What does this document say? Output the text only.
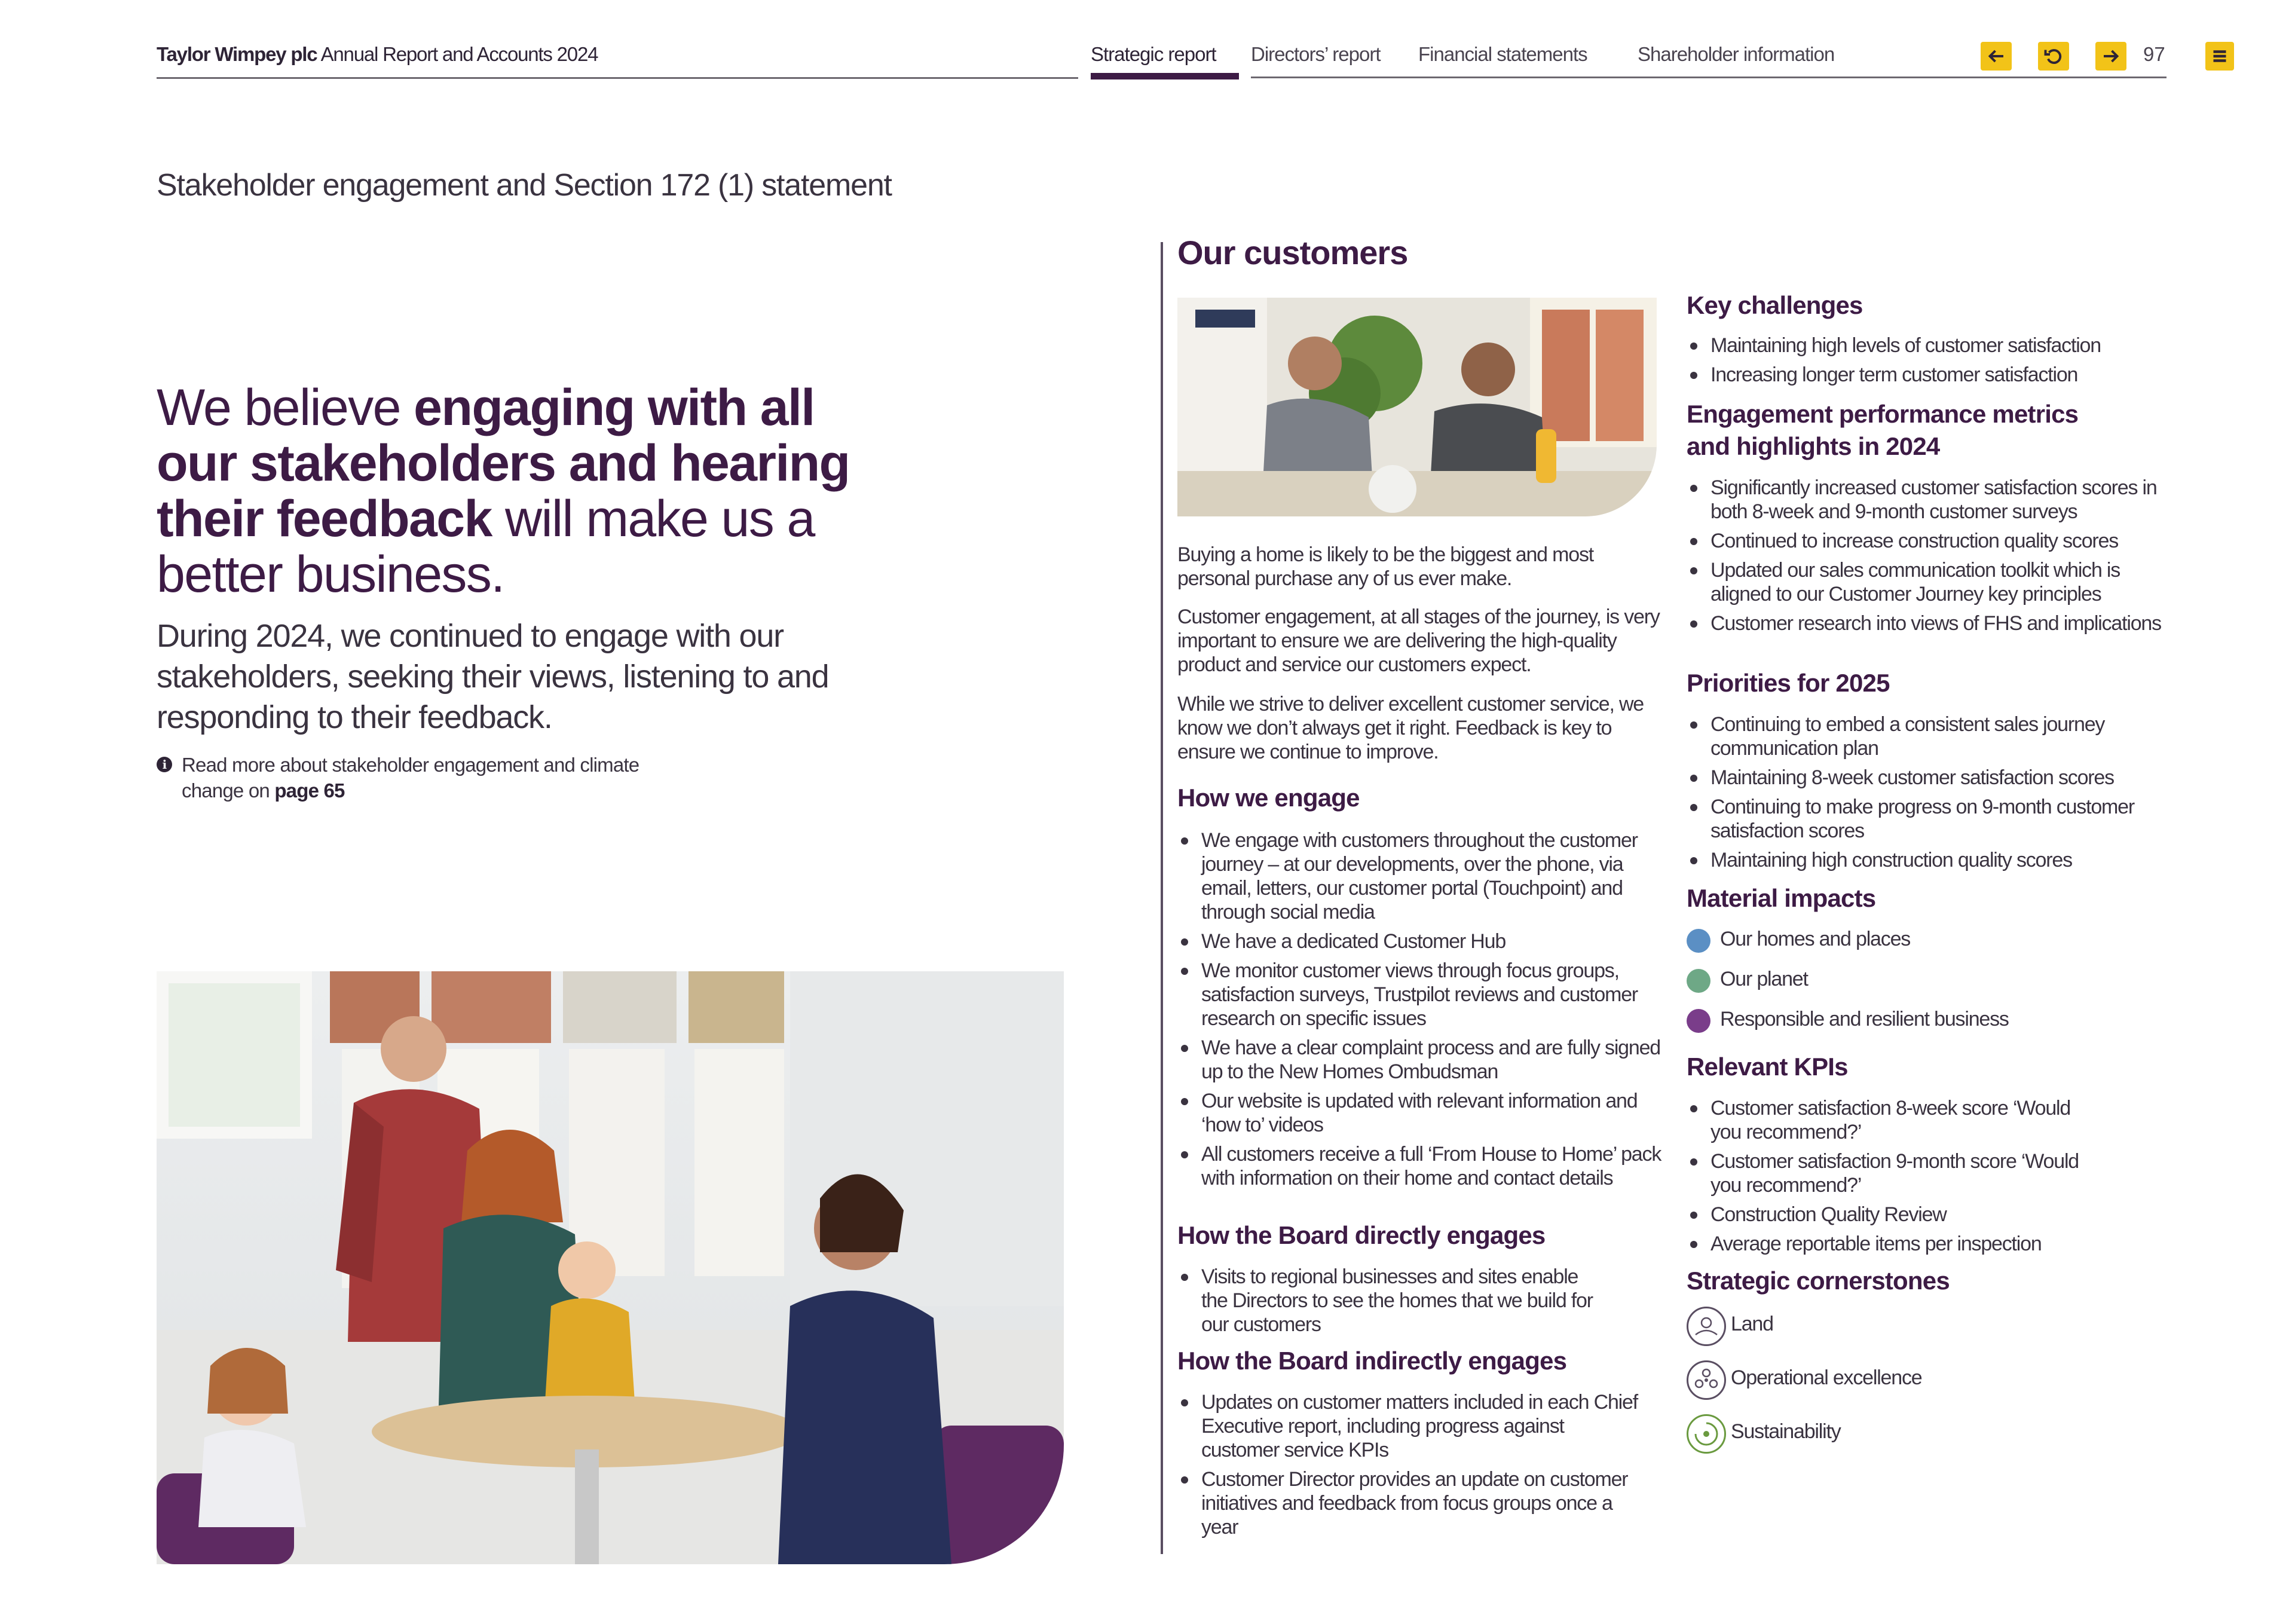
Taylor Wimpey plc Annual Report and Accounts 2024	Strategic report Directors’ report Financial statements	Shareholder information	97
Stakeholder engagement and Section 172 (1) statement
We believe engaging with all our stakeholders and hearing their feedback will make us a better business.
During 2024, we continued to engage with our stakeholders, seeking their views, listening to and responding to their feedback.
i Read more about stakeholder engagement and climate change on page 65
Our customers
Buying a home is likely to be the biggest and most personal purchase any of us ever make.
Customer engagement, at all stages of the journey, is very important to ensure we are delivering the high-quality product and service our customers expect.
While we strive to deliver excellent customer service, we know we don’t always get it right. Feedback is key to ensure we continue to improve.
How we engage
We engage with customers throughout the customer journey – at our developments, over the phone, via email, letters, our customer portal (Touchpoint) and through social media
We have a dedicated Customer Hub
We monitor customer views through focus groups, satisfaction surveys, Trustpilot reviews and customer research on specific issues
We have a clear complaint process and are fully signed up to the New Homes Ombudsman
Our website is updated with relevant information and ‘how to’ videos
All customers receive a full ‘From House to Home’ pack with information on their home and contact details
How the Board directly engages
Visits to regional businesses and sites enable the Directors to see the homes that we build for our customers
How the Board indirectly engages
Updates on customer matters included in each Chief Executive report, including progress against customer service KPIs
Customer Director provides an update on customer initiatives and feedback from focus groups once a year
Key challenges
Maintaining high levels of customer satisfaction
Increasing longer term customer satisfaction
Engagement performance metrics
and highlights in 2024
Significantly increased customer satisfaction scores in both 8-week and 9-month customer surveys
Continued to increase construction quality scores
Updated our sales communication toolkit which is aligned to our Customer Journey key principles
Customer research into views of FHS and implications
Priorities for 2025
Continuing to embed a consistent sales journey communication plan
Maintaining 8-week customer satisfaction scores
Continuing to make progress on 9-month customer satisfaction scores
Maintaining high construction quality scores
Material impacts
Our homes and places
Our planet
Responsible and resilient business
Relevant KPIs
Customer satisfaction 8-week score ‘Would you recommend?’
Customer satisfaction 9-month score ‘Would you recommend?’
Construction Quality Review
Average reportable items per inspection
Strategic cornerstones
Land
Operational excellence
Sustainability
